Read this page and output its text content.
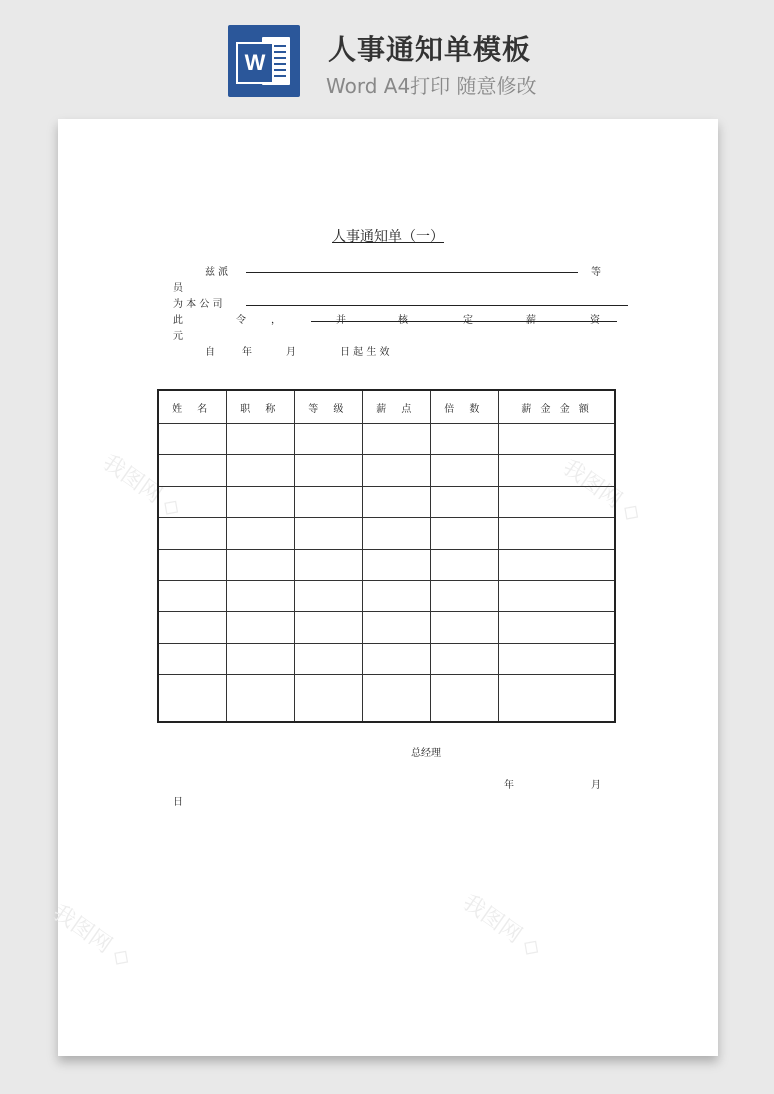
W	人事通知单模板
Word A4打印 随意修改
我图网 ◇	我图网 ◇
我图网 ◇	我图网 ◇
人事通知单（一）
兹 派	等
员
为 本 公 司
此	令	，	并	核	定	薪	资
元
自	年	月	日 起 生 效
姓 名	职 称	等 级	薪 点	倍 数	薪 金 金 额

总经理
年	月
日
